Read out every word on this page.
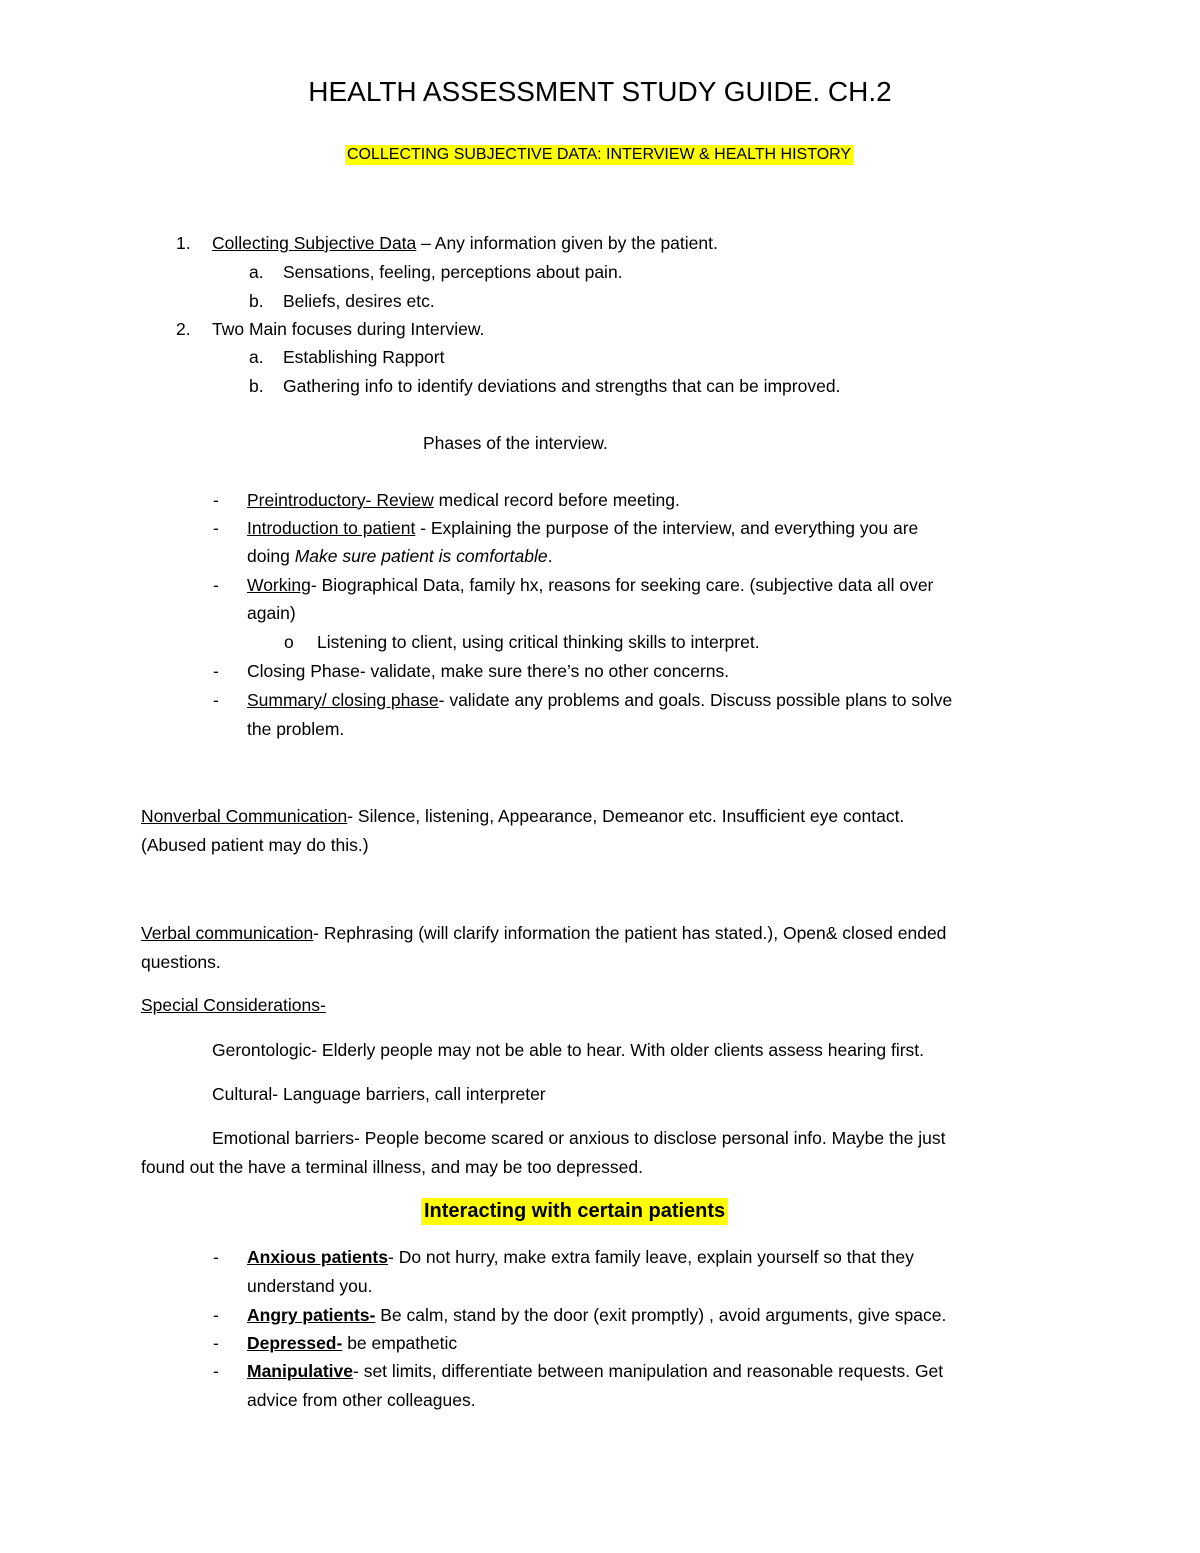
HEALTH ASSESSMENT STUDY GUIDE. CH.2
COLLECTING SUBJECTIVE DATA: INTERVIEW & HEALTH HISTORY
1. Collecting Subjective Data – Any information given by the patient.
a. Sensations, feeling, perceptions about pain.
b. Beliefs, desires etc.
2. Two Main focuses during Interview.
a. Establishing Rapport
b. Gathering info to identify deviations and strengths that can be improved.
Phases of the interview.
- Preintroductory- Review medical record before meeting.
- Introduction to patient - Explaining the purpose of the interview, and everything you are
doing Make sure patient is comfortable.
- Working- Biographical Data, family hx, reasons for seeking care. (subjective data all over
again)
o Listening to client, using critical thinking skills to interpret.
- Closing Phase- validate, make sure there’s no other concerns.
- Summary/ closing phase- validate any problems and goals. Discuss possible plans to solve
the problem.
Nonverbal Communication- Silence, listening, Appearance, Demeanor etc. Insufficient eye contact.
(Abused patient may do this.)
Verbal communication- Rephrasing (will clarify information the patient has stated.), Open& closed ended
questions.
Special Considerations-
Gerontologic- Elderly people may not be able to hear. With older clients assess hearing first.
Cultural- Language barriers, call interpreter
Emotional barriers- People become scared or anxious to disclose personal info. Maybe the just
found out the have a terminal illness, and may be too depressed.
Interacting with certain patients
- Anxious patients- Do not hurry, make extra family leave, explain yourself so that they
understand you.
- Angry patients- Be calm, stand by the door (exit promptly) , avoid arguments, give space.
- Depressed- be empathetic
- Manipulative- set limits, differentiate between manipulation and reasonable requests. Get
advice from other colleagues.
